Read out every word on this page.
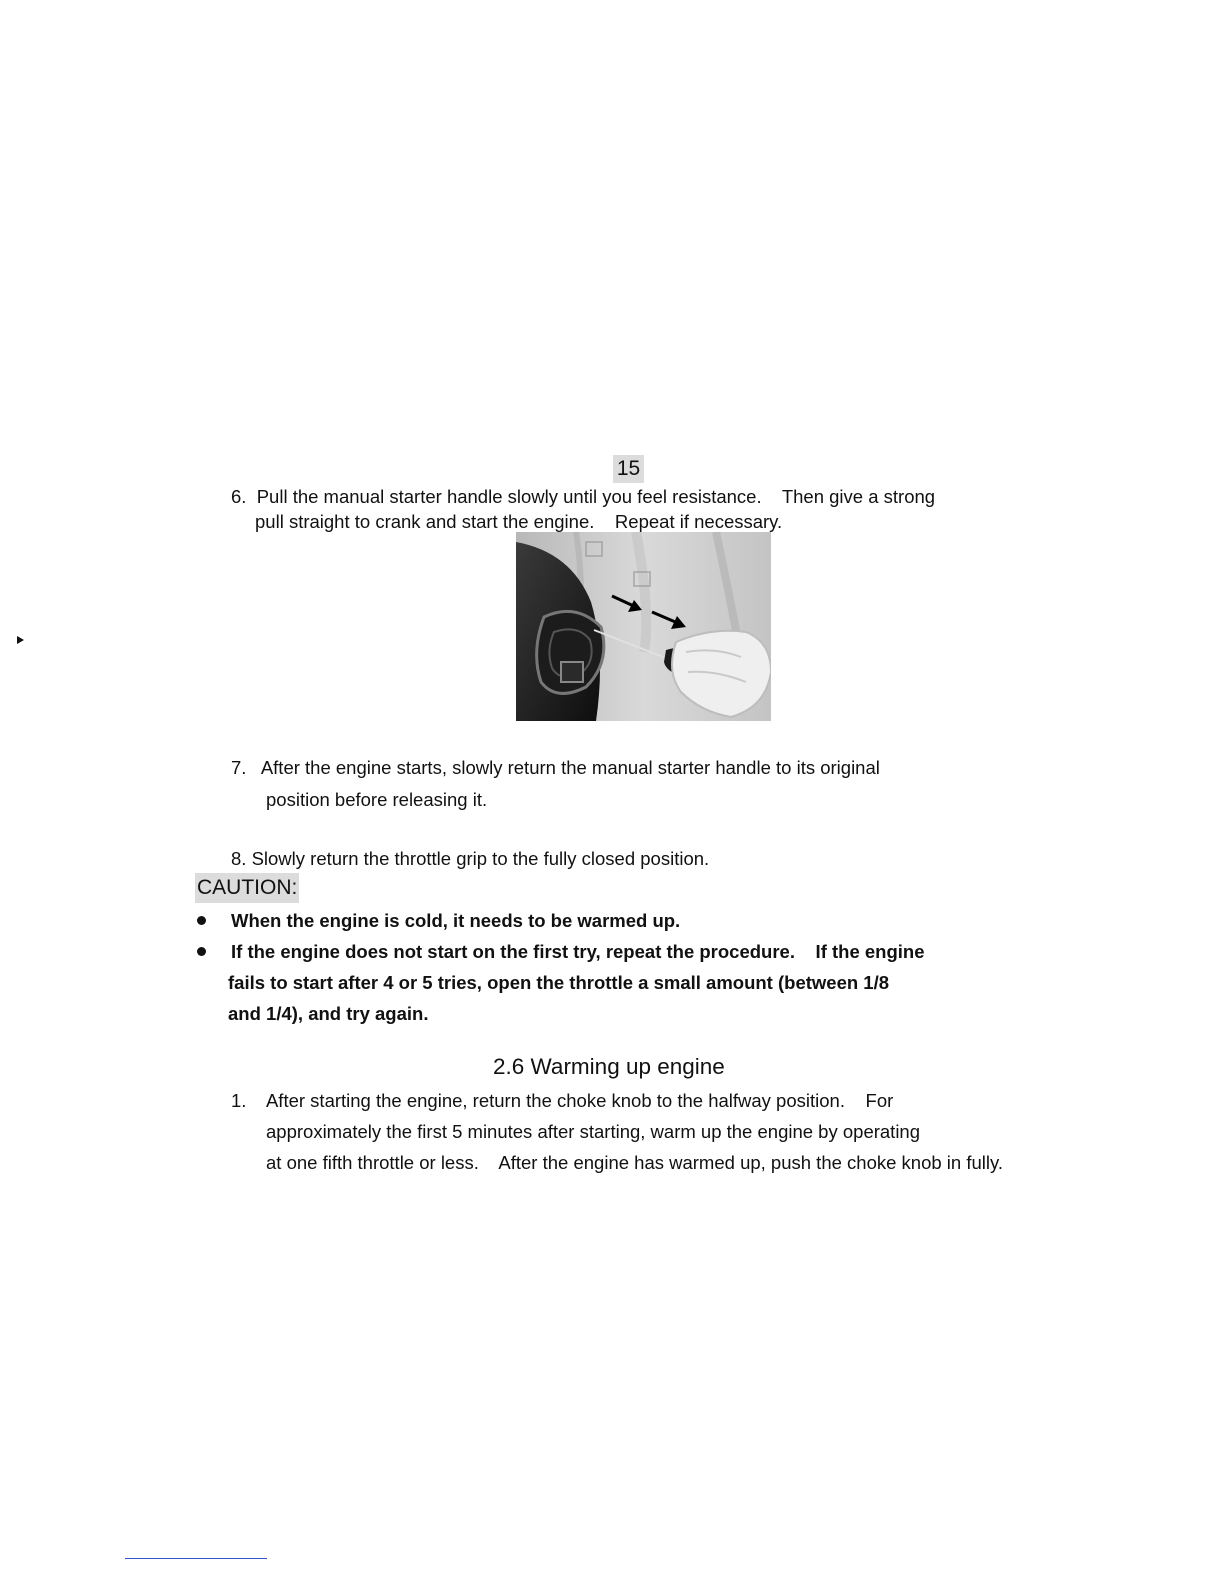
15
6.  Pull the manual starter handle slowly until you feel resistance.    Then give a strong
pull straight to crank and start the engine.    Repeat if necessary.
7.   After the engine starts, slowly return the manual starter handle to its original
position before releasing it.
8. Slowly return the throttle grip to the fully closed position.
CAUTION:
When the engine is cold, it needs to be warmed up.
If the engine does not start on the first try, repeat the procedure.    If the engine
fails to start after 4 or 5 tries, open the throttle a small amount (between 1/8
and 1/4), and try again.
2.6 Warming up engine
1.    After starting the engine, return the choke knob to the halfway position.    For
approximately the first 5 minutes after starting, warm up the engine by operating
at one fifth throttle or less.    After the engine has warmed up, push the choke knob in fully.
